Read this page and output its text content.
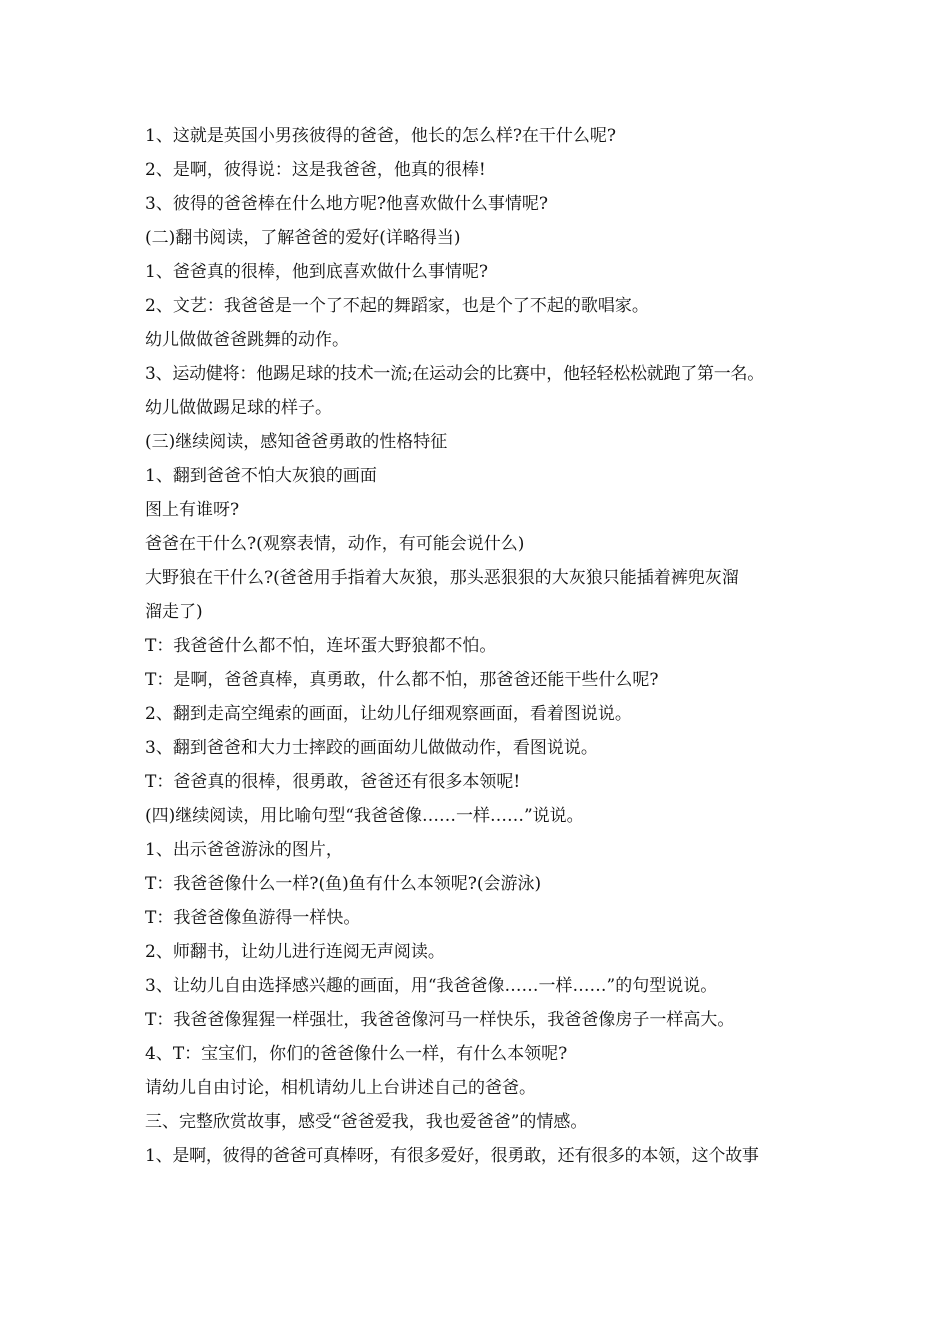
1、这就是英国小男孩彼得的爸爸，他长的怎么样?在干什么呢?

2、是啊，彼得说：这是我爸爸，他真的很棒!

3、彼得的爸爸棒在什么地方呢?他喜欢做什么事情呢?

(二)翻书阅读，了解爸爸的爱好(详略得当)

1、爸爸真的很棒，他到底喜欢做什么事情呢?

2、文艺：我爸爸是一个了不起的舞蹈家，也是个了不起的歌唱家。

幼儿做做爸爸跳舞的动作。

3、运动健将：他踢足球的技术一流;在运动会的比赛中，他轻轻松松就跑了第一名。

幼儿做做踢足球的样子。

(三)继续阅读，感知爸爸勇敢的性格特征

1、翻到爸爸不怕大灰狼的画面

图上有谁呀?

爸爸在干什么?(观察表情，动作，有可能会说什么)

大野狼在干什么?(爸爸用手指着大灰狼，那头恶狠狠的大灰狼只能插着裤兜灰溜

溜走了)

T：我爸爸什么都不怕，连坏蛋大野狼都不怕。

T：是啊，爸爸真棒，真勇敢，什么都不怕，那爸爸还能干些什么呢?

2、翻到走高空绳索的画面，让幼儿仔细观察画面，看着图说说。

3、翻到爸爸和大力士摔跤的画面幼儿做做动作，看图说说。

T：爸爸真的很棒，很勇敢，爸爸还有很多本领呢!

(四)继续阅读，用比喻句型“我爸爸像……一样……”说说。

1、出示爸爸游泳的图片，

T：我爸爸像什么一样?(鱼)鱼有什么本领呢?(会游泳)

T：我爸爸像鱼游得一样快。

2、师翻书，让幼儿进行连阅无声阅读。

3、让幼儿自由选择感兴趣的画面，用“我爸爸像……一样……”的句型说说。

T：我爸爸像猩猩一样强壮，我爸爸像河马一样快乐，我爸爸像房子一样高大。

4、T：宝宝们，你们的爸爸像什么一样，有什么本领呢?

请幼儿自由讨论，相机请幼儿上台讲述自己的爸爸。

三、完整欣赏故事，感受“爸爸爱我，我也爱爸爸”的情感。

1、是啊，彼得的爸爸可真棒呀，有很多爱好，很勇敢，还有很多的本领，这个故事
